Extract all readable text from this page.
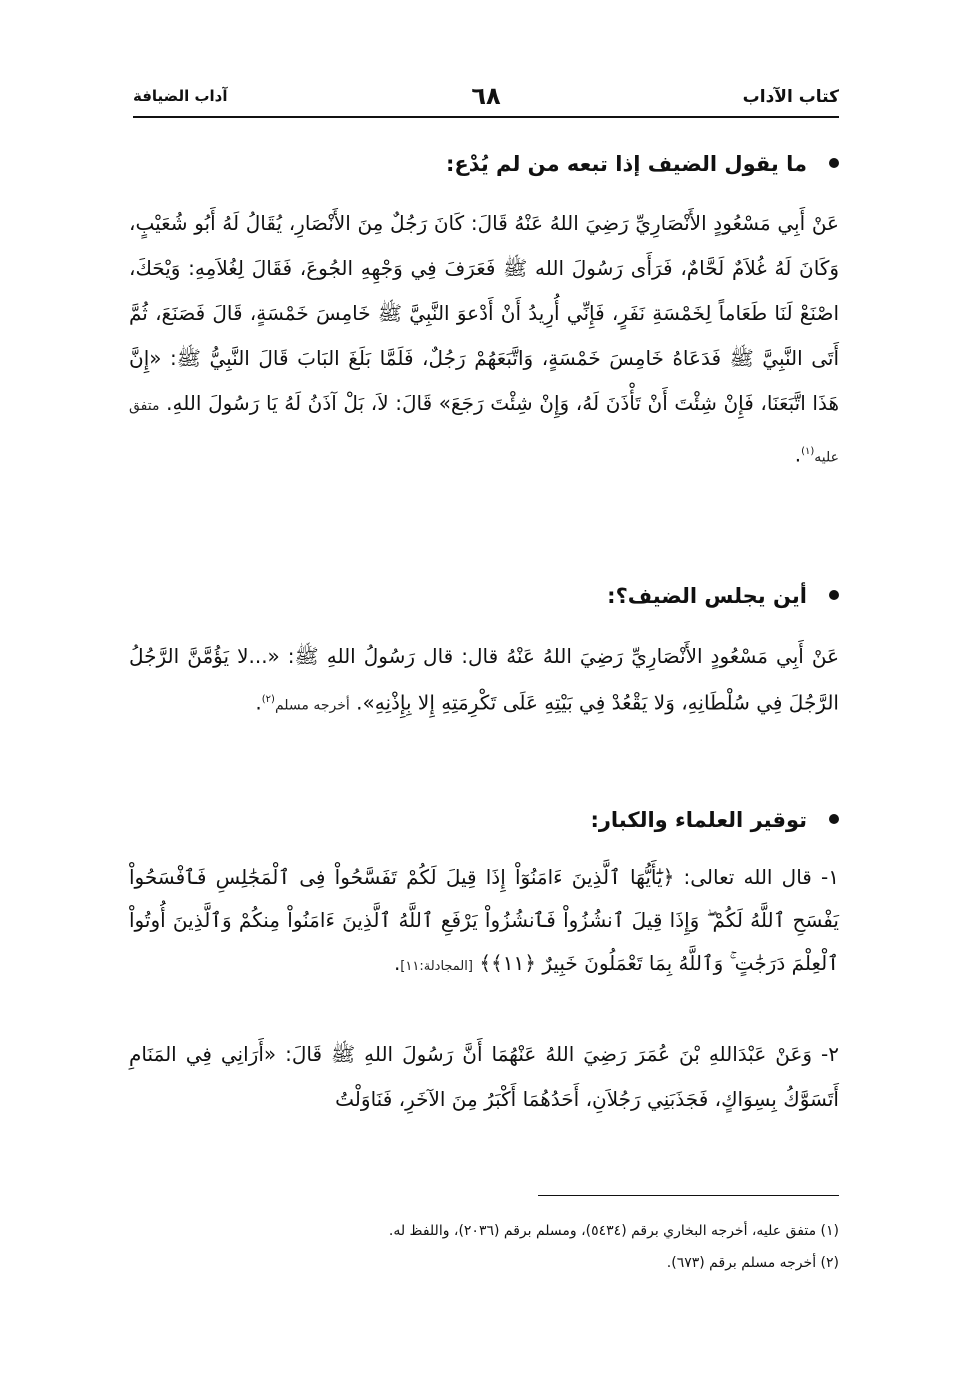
كتاب الآداب
٦٨
آداب الضيافة
ما يقول الضيف إذا تبعه من لم يُدْع:
عَنْ أَبِي مَسْعُودٍ الأَنْصَارِيِّ رَضِيَ اللهُ عَنْهُ قَالَ: كَانَ رَجُلٌ مِنَ الأَنْصَارِ، يُقَالُ لَهُ أَبُو شُعَيْبٍ، وَكَانَ لَهُ غُلاَمٌ لَحَّامٌ، فَرَأَى رَسُولَ الله ﷺ فَعَرَفَ فِي وَجْهِهِ الجُوعَ، فَقَالَ لِغُلاَمِهِ: وَيْحَكَ، اصْنَعْ لَنَا طَعَاماً لِخَمْسَةِ نَفَرٍ، فَإِنِّي أُرِيدُ أَنْ أَدْعوَ النَّبِيَّ ﷺ خَامِسَ خَمْسَةٍ، قَالَ فَصَنَعَ، ثُمَّ أَتَى النَّبِيَّ ﷺ فَدَعَاهُ خَامِسَ خَمْسَةٍ، وَاتَّبَعَهُمْ رَجُلٌ، فَلَمَّا بَلَغَ البَابَ قَالَ النَّبِيُّ ﷺ: «إِنَّ هَذَا اتَّبَعَنَا، فَإِنْ شِئْتَ أَنْ تَأْذَنَ لَهُ، وَإِنْ شِئْتَ رَجَعَ» قَالَ: لاَ، بَلْ آذَنُ لَهُ يَا رَسُولَ اللهِ. متفق عليه$^{(١)}$.
أين يجلس الضيف؟:
عَنْ أَبِي مَسْعُودٍ الأَنْصَارِيِّ رَضِيَ اللهُ عَنْهُ قال: قال رَسُولُ اللهِ ﷺ: «...لا يَؤُمَّنَّ الرَّجُلُ الرَّجُلَ فِي سُلْطَانِهِ، وَلا يَقْعُدْ فِي بَيْتِهِ عَلَى تَكْرِمَتِهِ إِلا بِإِذْنِهِ». أخرجه مسلم$^{(٢)}$.
توقير العلماء والكبار:
١- قال الله تعالى: ﴿يَٰٓأَيُّهَا ٱلَّذِينَ ءَامَنُوٓاْ إِذَا قِيلَ لَكُمْ تَفَسَّحُواْ فِى ٱلْمَجَٰلِسِ فَٱفْسَحُواْ يَفْسَحِ ٱللَّهُ لَكُمْ ۖ وَإِذَا قِيلَ ٱنشُزُواْ فَٱنشُزُواْ يَرْفَعِ ٱللَّهُ ٱلَّذِينَ ءَامَنُواْ مِنكُمْ وَٱلَّذِينَ أُوتُواْ ٱلْعِلْمَ دَرَجَٰتٍ ۚ وَٱللَّهُ بِمَا تَعْمَلُونَ خَبِيرٌ ﴿١١﴾﴾ [المجادلة:١١].
٢- وَعَنْ عَبْدَاللهِ بْنَ عُمَرَ رَضِيَ اللهُ عَنْهُمَا أَنَّ رَسُولَ اللهِ ﷺ قَالَ: «أَرَانِي فِي المَنَامِ أَتَسَوَّكُ بِسِوَاكٍ، فَجَذَبَنِي رَجُلاَنِ، أَحَدُهُمَا أَكْبَرُ مِنَ الآخَرِ، فَنَاوَلْتُ
(١) متفق عليه، أخرجه البخاري برقم (٥٤٣٤)، ومسلم برقم (٢٠٣٦)، واللفظ له.
(٢) أخرجه مسلم برقم (٦٧٣).
